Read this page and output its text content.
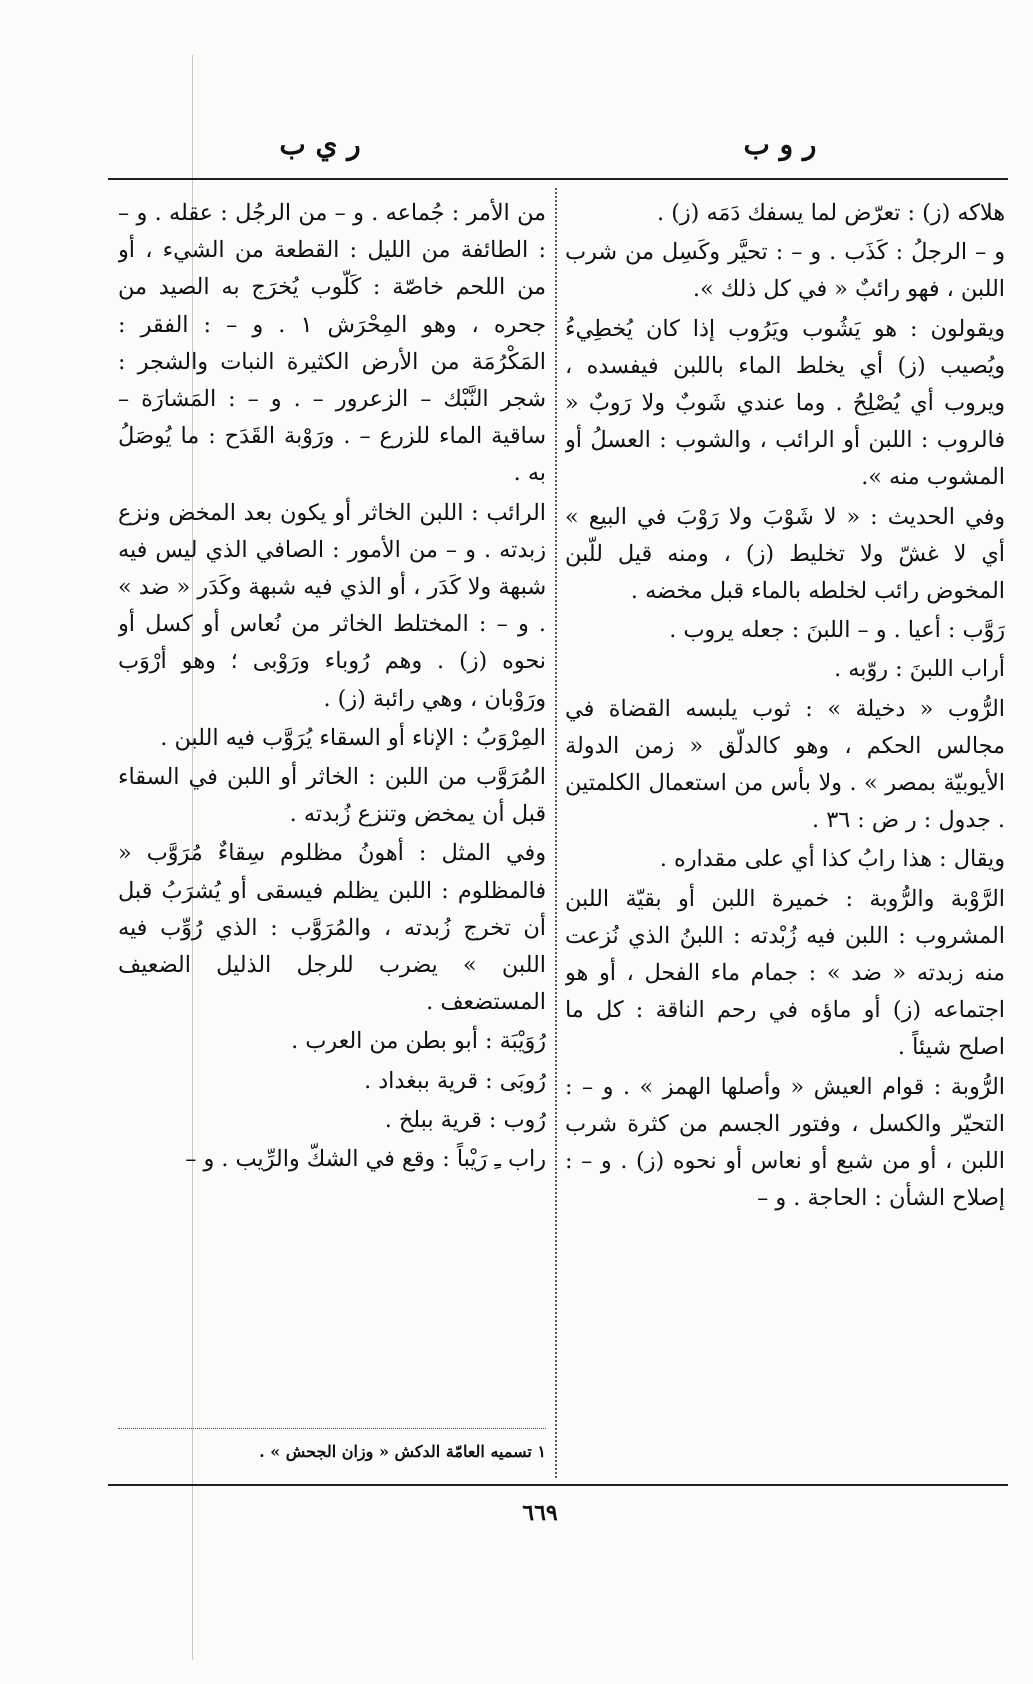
ر و ب
ر ي ب

هلاكه (ز) : تعرّض لما يسفك دَمَه (ز) .

و – الرجلُ : كَذَب . و – : تحيَّر وكَسِل من شرب اللبن ، فهو رائبٌ « في كل ذلك ».

ويقولون : هو يَشُوب ويَرُوب إذا كان يُخطِيءُ ويُصيب (ز) أي يخلط الماء باللبن فيفسده ، ويروب أي يُصْلِحُ . وما عندي شَوبٌ ولا رَوبٌ « فالروب : اللبن أو الرائب ، والشوب : العسلُ أو المشوب منه ».

وفي الحديث : « لا شَوْبَ ولا رَوْبَ في البيع » أي لا غشّ ولا تخليط (ز) ، ومنه قيل للّبن المخوض رائب لخلطه بالماء قبل مخضه .

رَوَّب : أعيا . و – اللبنَ : جعله يروب .

أراب اللبنَ : روّبه .

الرُّوب « دخيلة » : ثوب يلبسه القضاة في مجالس الحكم ، وهو كالدلّق « زمن الدولة الأيوبيّة بمصر » . ولا بأس من استعمال الكلمتين . جدول : ر ض : ٣٦ .

ويقال : هذا رابُ كذا أي على مقداره .

الرَّوْبة والرُّوبة : خميرة اللبن أو بقيّة اللبن المشروب : اللبن فيه زُبْدته : اللبنُ الذي نُزعت منه زبدته « ضد » : جمام ماء الفحل ، أو هو اجتماعه (ز) أو ماؤه في رحم الناقة : كل ما اصلح شيئاً .

الرُّوبة : قوام العيش « وأصلها الهمز » . و – : التحيّر والكسل ، وفتور الجسم من كثرة شرب اللبن ، أو من شبع أو نعاس أو نحوه (ز) . و – : إصلاح الشأن : الحاجة . و –

من الأمر : جُماعه . و – من الرجُل : عقله . و – : الطائفة من الليل : القطعة من الشيء ، أو من اللحم خاصّة : كَلّوب يُخرَج به الصيد من جحره ، وهو المِحْرَش ١ . و – : الفقر : المَكْرُمَة من الأرض الكثيرة النبات والشجر : شجر النَّبْك – الزعرور – . و – : المَشارَة – ساقية الماء للزرع – . ورَوْبة القَدَح : ما يُوصَلُ به .

الرائب : اللبن الخاثر أو يكون بعد المخض ونزع زبدته . و – من الأمور : الصافي الذي ليس فيه شبهة ولا كَدَر ، أو الذي فيه شبهة وكَدَر « ضد » . و – : المختلط الخاثر من نُعاس أو كسل أو نحوه (ز) . وهم رُوباء ورَوْبى ؛ وهو أرْوَب ورَوْبان ، وهي رائبة (ز) .

المِرْوَبُ : الإناء أو السقاء يُرَوَّب فيه اللبن .

المُرَوَّب من اللبن : الخاثر أو اللبن في السقاء قبل أن يمخض وتنزع زُبدته .

وفي المثل : أهونُ مظلوم سِقاءٌ مُرَوَّب « فالمظلوم : اللبن يظلم فيسقى أو يُشرَبُ قبل أن تخرج زُبدته ، والمُرَوَّب : الذي رُوِّب فيه اللبن » يضرب للرجل الذليل الضعيف المستضعف .

رُوَيْبَة : أبو بطن من العرب .

رُوبَى : قرية ببغداد .

رُوب : قرية ببلخ .

راب ـِ رَيْباً : وقع في الشكّ والرِّيب . و –

١ تسميه العامّة الدكش « وزان الجحش » .
٦٦٩
